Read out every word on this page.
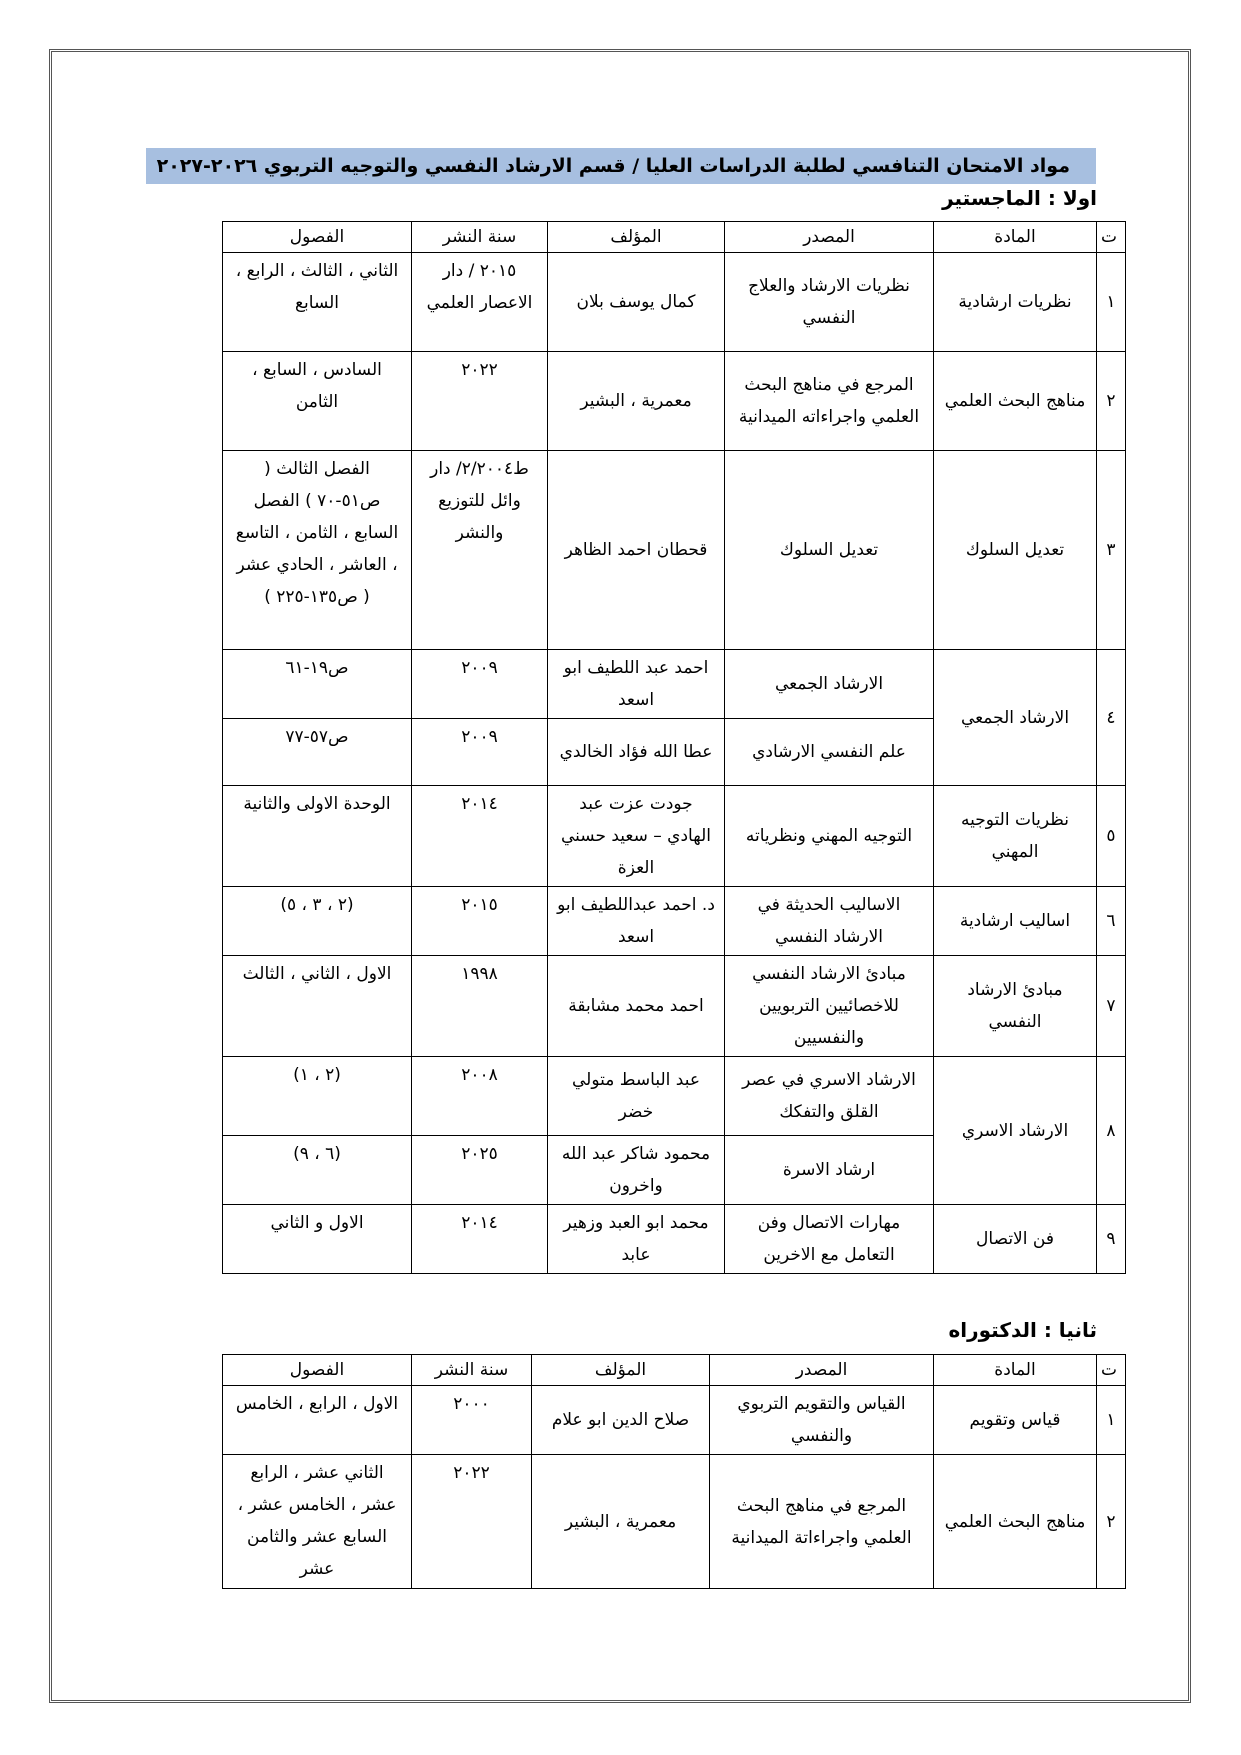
مواد الامتحان التنافسي لطلبة الدراسات العليا / قسم الارشاد النفسي والتوجيه التربوي ٢٠٢٦-٢٠٢٧
اولا : الماجستير
ت	المادة	المصدر	المؤلف	سنة النشر	الفصول
١	نظريات ارشادية	نظريات الارشاد والعلاج النفسي	كمال يوسف بلان	٢٠١٥ / دار الاعصار العلمي	الثاني ، الثالث ، الرابع ، السابع
٢	مناهج البحث العلمي	المرجع في مناهج البحث العلمي واجراءاته الميدانية	معمرية ، البشير	٢٠٢٢	السادس ، السابع ، الثامن
٣	تعديل السلوك	تعديل السلوك	قحطان احمد الظاهر	ط٢/٢٠٠٤/ دار وائل للتوزيع والنشر	الفصل الثالث ( ص٥١-٧٠ ) الفصل السابع ، الثامن ، التاسع ، العاشر ، الحادي عشر ( ص١٣٥-٢٢٥ )
٤	الارشاد الجمعي	الارشاد الجمعي	احمد عبد اللطيف ابو اسعد	٢٠٠٩	ص١٩-٦١
		علم النفسي الارشادي	عطا الله فؤاد الخالدي	٢٠٠٩	ص٥٧-٧٧
٥	نظريات التوجيه المهني	التوجيه المهني ونظرياته	جودت عزت عبد الهادي – سعيد حسني العزة	٢٠١٤	الوحدة الاولى والثانية
٦	اساليب ارشادية	الاساليب الحديثة في الارشاد النفسي	د. احمد عبداللطيف ابو اسعد	٢٠١٥	(٢ ، ٣ ، ٥)
٧	مبادئ الارشاد النفسي	مبادئ الارشاد النفسي للاخصائيين التربويين والنفسيين	احمد محمد مشابقة	١٩٩٨	الاول ، الثاني ، الثالث
٨	الارشاد الاسري	الارشاد الاسري في عصر القلق والتفكك	عبد الباسط متولي خضر	٢٠٠٨	(٢ ، ١)
		ارشاد الاسرة	محمود شاكر عبد الله واخرون	٢٠٢٥	(٦ ، ٩)
٩	فن الاتصال	مهارات الاتصال وفن التعامل مع الاخرين	محمد ابو العبد وزهير عابد	٢٠١٤	الاول و الثاني
ثانيا : الدكتوراه
ت	المادة	المصدر	المؤلف	سنة النشر	الفصول
١	قياس وتقويم	القياس والتقويم التربوي والنفسي	صلاح الدين ابو علام	٢٠٠٠	الاول ، الرابع ، الخامس
٢	مناهج البحث العلمي	المرجع في مناهج البحث العلمي واجراءاتة الميدانية	معمرية ، البشير	٢٠٢٢	الثاني عشر ، الرابع عشر ، الخامس عشر ، السابع عشر والثامن عشر
